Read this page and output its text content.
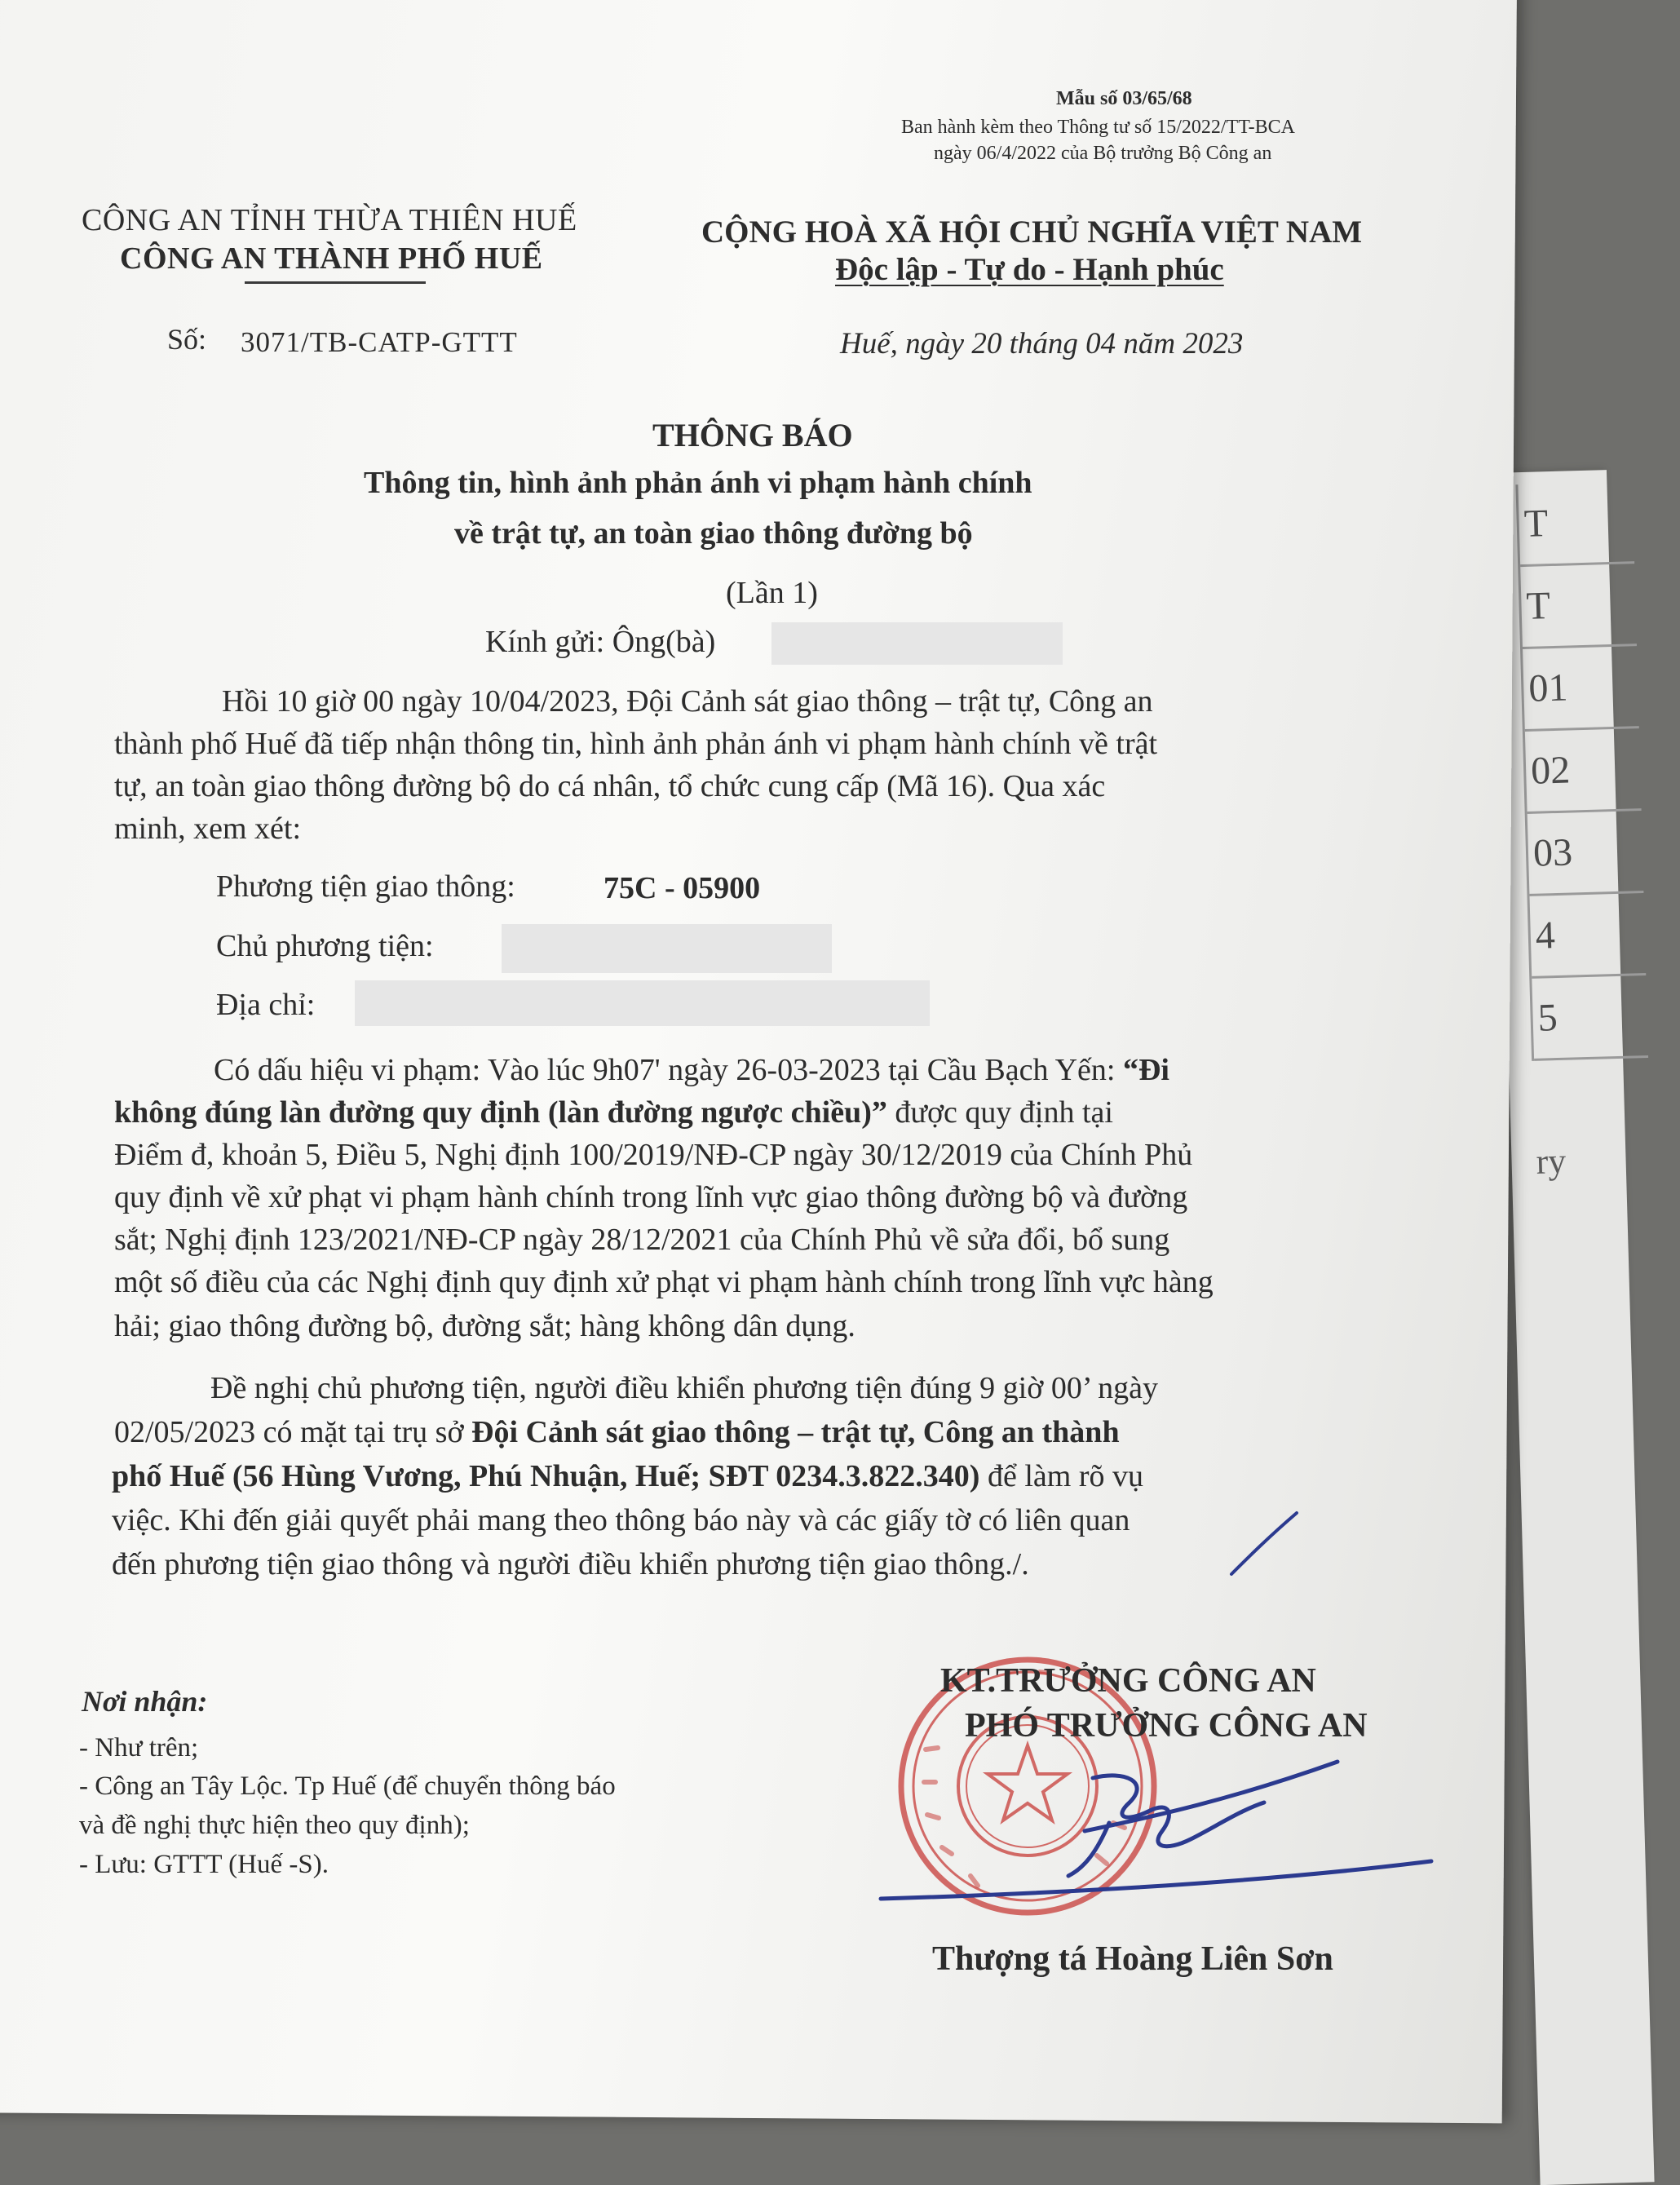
T
T
01
02
03
4
5
ry
Mẫu số 03/65/68
Ban hành kèm theo Thông tư số 15/2022/TT-BCA
ngày 06/4/2022 của Bộ trưởng Bộ Công an
CÔNG AN TỈNH THỪA THIÊN HUẾ
CÔNG AN THÀNH PHỐ HUẾ
Số: 3071/TB-CATP-GTTT
CỘNG HOÀ XÃ HỘI CHỦ NGHĨA VIỆT NAM
Độc lập - Tự do - Hạnh phúc
Huế, ngày 20 tháng 04 năm 2023
THÔNG BÁO
Thông tin, hình ảnh phản ánh vi phạm hành chính
về trật tự, an toàn giao thông đường bộ
(Lần 1)
Kính gửi: Ông(bà)
Hồi 10 giờ 00 ngày 10/04/2023, Đội Cảnh sát giao thông – trật tự, Công an
thành phố Huế đã tiếp nhận thông tin, hình ảnh phản ánh vi phạm hành chính về trật
tự, an toàn giao thông đường bộ do cá nhân, tổ chức cung cấp (Mã 16). Qua xác
minh, xem xét:
Phương tiện giao thông:	75C - 05900
Chủ phương tiện:
Địa chỉ:
Có dấu hiệu vi phạm: Vào lúc 9h07' ngày 26-03-2023 tại Cầu Bạch Yến: “Đi
không đúng làn đường quy định (làn đường ngược chiều)” được quy định tại
Điểm đ, khoản 5, Điều 5, Nghị định 100/2019/NĐ-CP ngày 30/12/2019 của Chính Phủ
quy định về xử phạt vi phạm hành chính trong lĩnh vực giao thông đường bộ và đường
sắt; Nghị định 123/2021/NĐ-CP ngày 28/12/2021 của Chính Phủ về sửa đổi, bổ sung
một số điều của các Nghị định quy định xử phạt vi phạm hành chính trong lĩnh vực hàng
hải; giao thông đường bộ, đường sắt; hàng không dân dụng.
Đề nghị chủ phương tiện, người điều khiển phương tiện đúng 9 giờ 00’ ngày
02/05/2023 có mặt tại trụ sở Đội Cảnh sát giao thông – trật tự, Công an thành
phố Huế (56 Hùng Vương, Phú Nhuận, Huế; SĐT 0234.3.822.340) để làm rõ vụ
việc. Khi đến giải quyết phải mang theo thông báo này và các giấy tờ có liên quan
đến phương tiện giao thông và người điều khiển phương tiện giao thông./.
Nơi nhận:
- Như trên;
- Công an Tây Lộc. Tp Huế (để chuyển thông báo
và đề nghị thực hiện theo quy định);
- Lưu: GTTT (Huế -S).
KT.TRƯỞNG CÔNG AN
PHÓ TRƯỞNG CÔNG AN
Thượng tá Hoàng Liên Sơn
